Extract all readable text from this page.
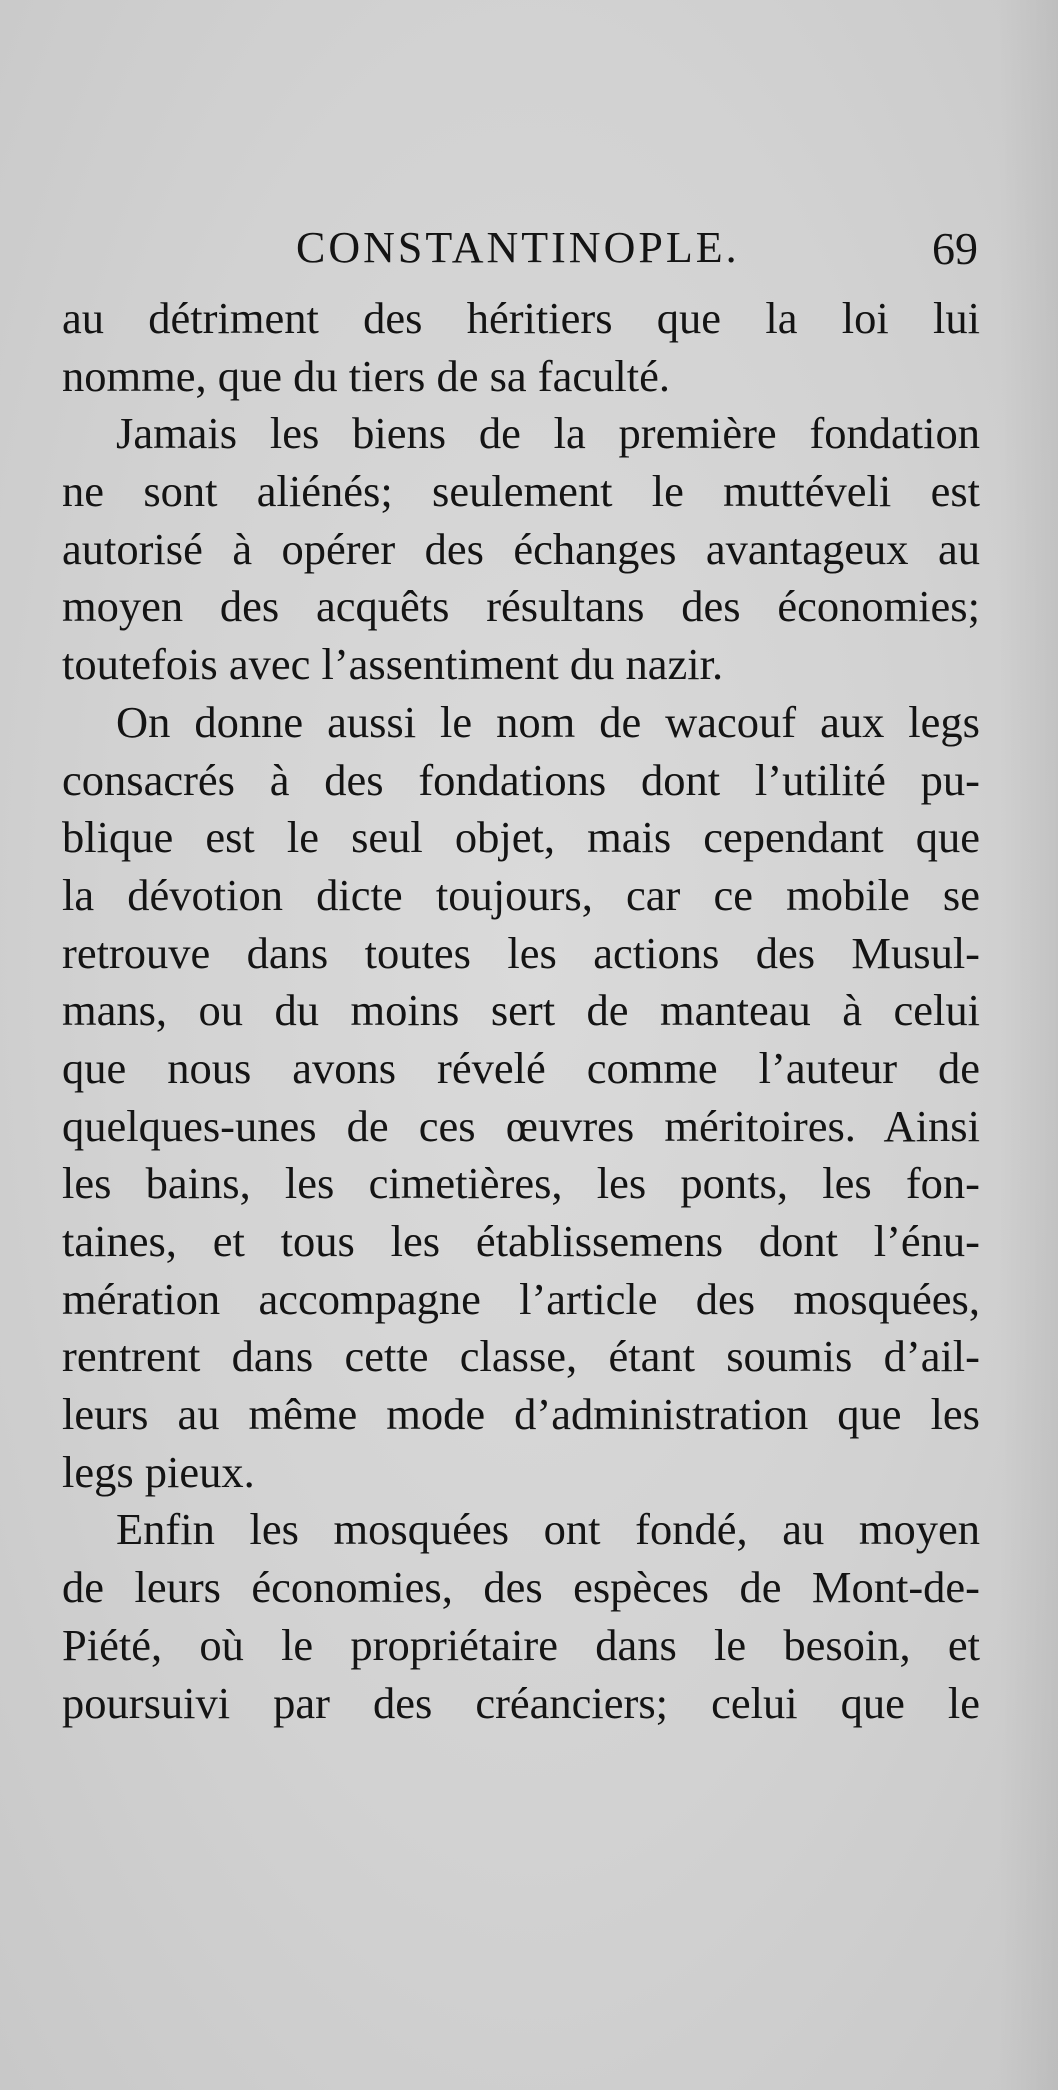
CONSTANTINOPLE.	69
au détriment des héritiers que la loi lui
nomme, que du tiers de sa faculté.
Jamais les biens de la première fondation
ne sont aliénés; seulement le muttéveli est
autorisé à opérer des échanges avantageux au
moyen des acquêts résultans des économies;
toutefois avec l’assentiment du nazir.
On donne aussi le nom de wacouf aux legs
consacrés à des fondations dont l’utilité pu-
blique est le seul objet, mais cependant que
la dévotion dicte toujours, car ce mobile se
retrouve dans toutes les actions des Musul-
mans, ou du moins sert de manteau à celui
que nous avons révelé comme l’auteur de
quelques-unes de ces œuvres méritoires. Ainsi
les bains, les cimetières, les ponts, les fon-
taines, et tous les établissemens dont l’énu-
mération accompagne l’article des mosquées,
rentrent dans cette classe, étant soumis d’ail-
leurs au même mode d’administration que les
legs pieux.
Enfin les mosquées ont fondé, au moyen
de leurs économies, des espèces de Mont-de-
Piété, où le propriétaire dans le besoin, et
poursuivi par des créanciers; celui que le
